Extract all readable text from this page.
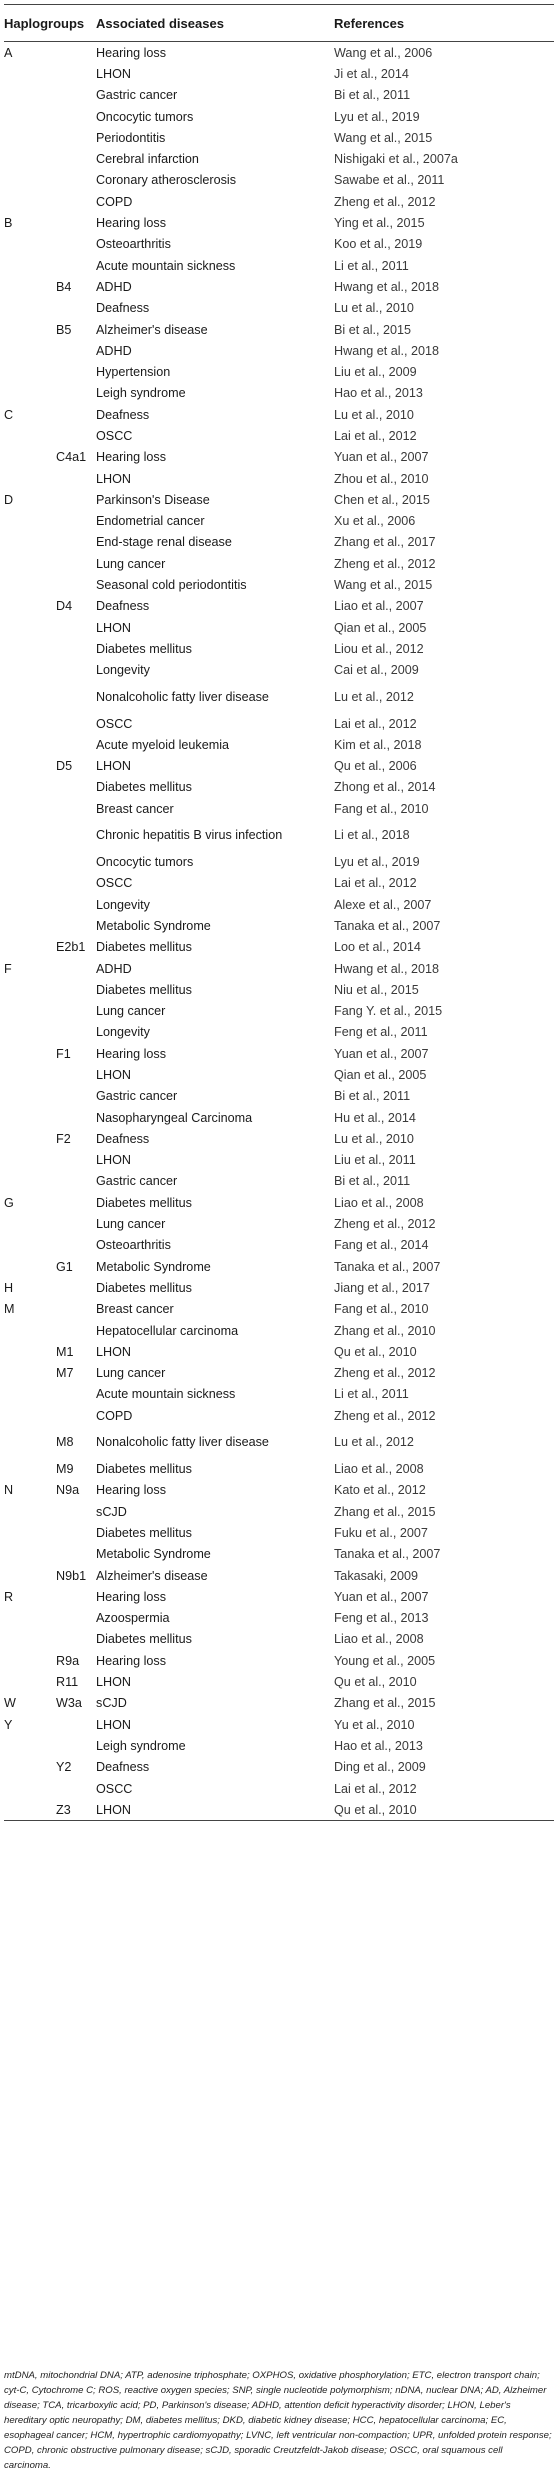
Haplogroups		Associated diseases	References
A		Hearing loss	Wang et al., 2006
		LHON	Ji et al., 2014
		Gastric cancer	Bi et al., 2011
		Oncocytic tumors	Lyu et al., 2019
		Periodontitis	Wang et al., 2015
		Cerebral infarction	Nishigaki et al., 2007a
		Coronary atherosclerosis	Sawabe et al., 2011
		COPD	Zheng et al., 2012
B		Hearing loss	Ying et al., 2015
		Osteoarthritis	Koo et al., 2019
		Acute mountain sickness	Li et al., 2011
	B4	ADHD	Hwang et al., 2018
		Deafness	Lu et al., 2010
	B5	Alzheimer's disease	Bi et al., 2015
		ADHD	Hwang et al., 2018
		Hypertension	Liu et al., 2009
		Leigh syndrome	Hao et al., 2013
C		Deafness	Lu et al., 2010
		OSCC	Lai et al., 2012
	C4a1	Hearing loss	Yuan et al., 2007
		LHON	Zhou et al., 2010
D		Parkinson's Disease	Chen et al., 2015
		Endometrial cancer	Xu et al., 2006
		End-stage renal disease	Zhang et al., 2017
		Lung cancer	Zheng et al., 2012
		Seasonal cold periodontitis	Wang et al., 2015
	D4	Deafness	Liao et al., 2007
		LHON	Qian et al., 2005
		Diabetes mellitus	Liou et al., 2012
		Longevity	Cai et al., 2009
		Nonalcoholic fatty liver disease	Lu et al., 2012
		OSCC	Lai et al., 2012
		Acute myeloid leukemia	Kim et al., 2018
	D5	LHON	Qu et al., 2006
		Diabetes mellitus	Zhong et al., 2014
		Breast cancer	Fang et al., 2010
		Chronic hepatitis B virus infection	Li et al., 2018
		Oncocytic tumors	Lyu et al., 2019
		OSCC	Lai et al., 2012
		Longevity	Alexe et al., 2007
		Metabolic Syndrome	Tanaka et al., 2007
	E2b1	Diabetes mellitus	Loo et al., 2014
F		ADHD	Hwang et al., 2018
		Diabetes mellitus	Niu et al., 2015
		Lung cancer	Fang Y. et al., 2015
		Longevity	Feng et al., 2011
	F1	Hearing loss	Yuan et al., 2007
		LHON	Qian et al., 2005
		Gastric cancer	Bi et al., 2011
		Nasopharyngeal Carcinoma	Hu et al., 2014
	F2	Deafness	Lu et al., 2010
		LHON	Liu et al., 2011
		Gastric cancer	Bi et al., 2011
G		Diabetes mellitus	Liao et al., 2008
		Lung cancer	Zheng et al., 2012
		Osteoarthritis	Fang et al., 2014
	G1	Metabolic Syndrome	Tanaka et al., 2007
H		Diabetes mellitus	Jiang et al., 2017
M		Breast cancer	Fang et al., 2010
		Hepatocellular carcinoma	Zhang et al., 2010
	M1	LHON	Qu et al., 2010
	M7	Lung cancer	Zheng et al., 2012
		Acute mountain sickness	Li et al., 2011
		COPD	Zheng et al., 2012
	M8	Nonalcoholic fatty liver disease	Lu et al., 2012
	M9	Diabetes mellitus	Liao et al., 2008
N	N9a	Hearing loss	Kato et al., 2012
		sCJD	Zhang et al., 2015
		Diabetes mellitus	Fuku et al., 2007
		Metabolic Syndrome	Tanaka et al., 2007
	N9b1	Alzheimer's disease	Takasaki, 2009
R		Hearing loss	Yuan et al., 2007
		Azoospermia	Feng et al., 2013
		Diabetes mellitus	Liao et al., 2008
	R9a	Hearing loss	Young et al., 2005
	R11	LHON	Qu et al., 2010
W	W3a	sCJD	Zhang et al., 2015
Y		LHON	Yu et al., 2010
		Leigh syndrome	Hao et al., 2013
	Y2	Deafness	Ding et al., 2009
		OSCC	Lai et al., 2012
	Z3	LHON	Qu et al., 2010
mtDNA, mitochondrial DNA; ATP, adenosine triphosphate; OXPHOS, oxidative phosphorylation; ETC, electron transport chain; cyt-C, Cytochrome C; ROS, reactive oxygen species; SNP, single nucleotide polymorphism; nDNA, nuclear DNA; AD, Alzheimer disease; TCA, tricarboxylic acid; PD, Parkinson's disease; ADHD, attention deficit hyperactivity disorder; LHON, Leber's hereditary optic neuropathy; DM, diabetes mellitus; DKD, diabetic kidney disease; HCC, hepatocellular carcinoma; EC, esophageal cancer; HCM, hypertrophic cardiomyopathy; LVNC, left ventricular non-compaction; UPR, unfolded protein response; COPD, chronic obstructive pulmonary disease; sCJD, sporadic Creutzfeldt-Jakob disease; OSCC, oral squamous cell carcinoma.
